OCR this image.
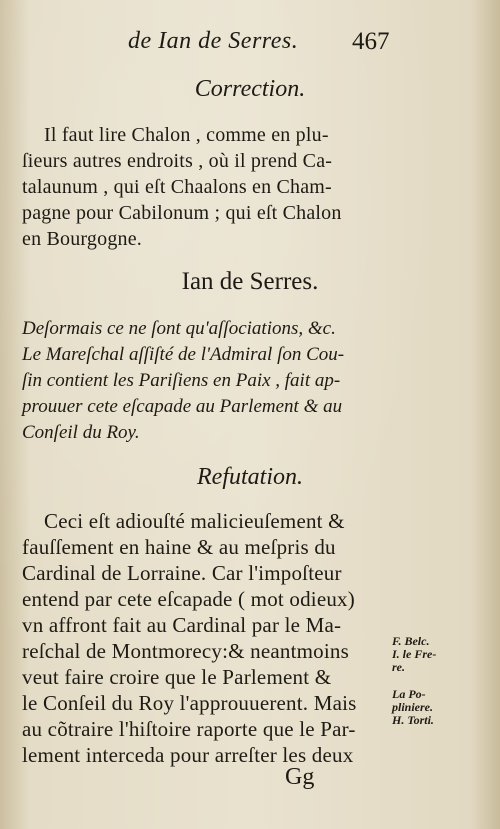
de Ian de Serres. 467
Correction.
Il faut lire Chalon , comme en plu-
ſieurs autres endroits , où il prend Ca-
talaunum , qui eſt Chaalons en Cham-
pagne pour Cabilonum ; qui eſt Chalon
en Bourgogne.
Ian de Serres.
Deſormais ce ne ſont qu'aſſociations, &c.
Le Mareſchal aſſiſté de l'Admiral ſon Cou-
ſin contient les Pariſiens en Paix , fait ap-
prouuer cete eſcapade au Parlement & au
Conſeil du Roy.
Refutation.
Ceci eſt adiouſté malicieuſement &
fauſſement en haine & au meſpris du
Cardinal de Lorraine. Car l'impoſteur
entend par cete eſcapade ( mot odieux)
vn affront fait au Cardinal par le Ma-
reſchal de Montmorecy:& neantmoins
veut faire croire que le Parlement &
le Conſeil du Roy l'approuuerent. Mais
au cõtraire l'hiſtoire raporte que le Par-
lement interceda pour arreſter les deux
F. Belc.
I. le Fre-
re.
La Po-
pliniere.
H. Torti.
Gg
